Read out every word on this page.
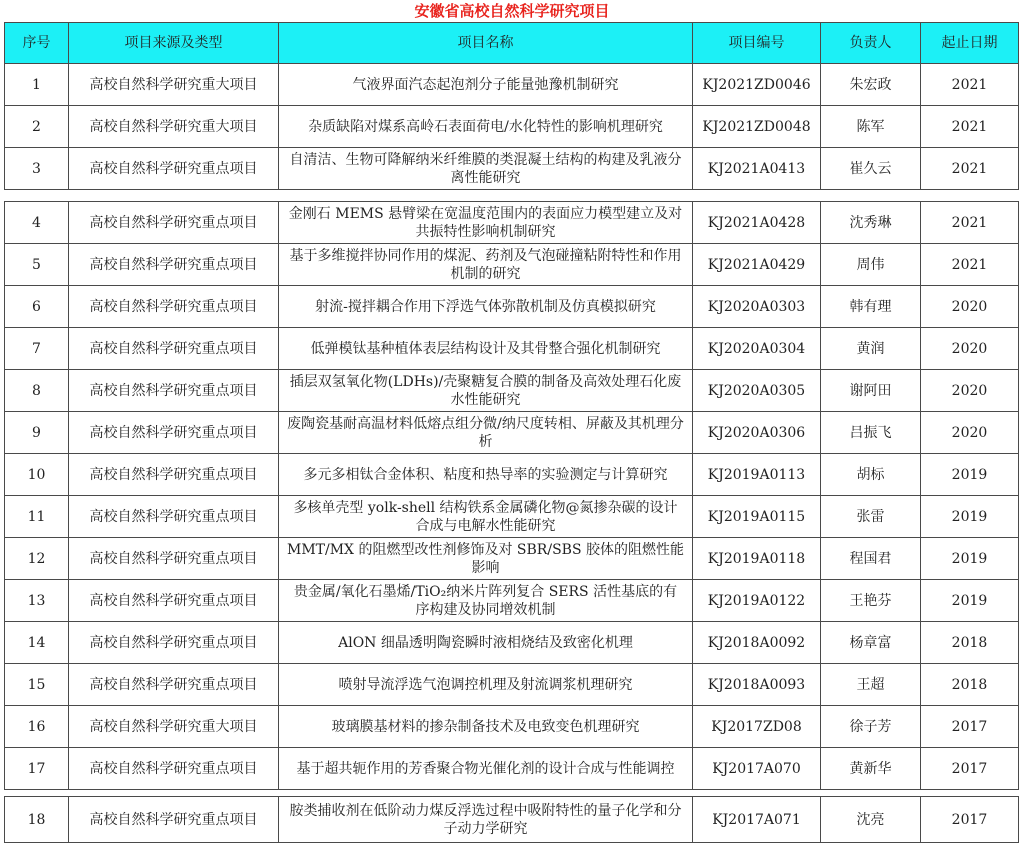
安徽省高校自然科学研究项目
序号	项目来源及类型	项目名称	项目编号	负责人	起止日期
1	高校自然科学研究重大项目	气液界面汽态起泡剂分子能量弛豫机制研究	KJ2021ZD0046	朱宏政	2021
2	高校自然科学研究重大项目	杂质缺陷对煤系高岭石表面荷电/水化特性的影响机理研究	KJ2021ZD0048	陈军	2021
3	高校自然科学研究重点项目	自清洁、生物可降解纳米纤维膜的类混凝土结构的构建及乳液分离性能研究	KJ2021A0413	崔久云	2021
4	高校自然科学研究重点项目	金刚石 MEMS 悬臂梁在宽温度范围内的表面应力模型建立及对共振特性影响机制研究	KJ2021A0428	沈秀琳	2021
5	高校自然科学研究重点项目	基于多维搅拌协同作用的煤泥、药剂及气泡碰撞粘附特性和作用机制的研究	KJ2021A0429	周伟	2021
6	高校自然科学研究重点项目	射流-搅拌耦合作用下浮选气体弥散机制及仿真模拟研究	KJ2020A0303	韩有理	2020
7	高校自然科学研究重点项目	低弹模钛基种植体表层结构设计及其骨整合强化机制研究	KJ2020A0304	黄润	2020
8	高校自然科学研究重点项目	插层双氢氧化物(LDHs)/壳聚糖复合膜的制备及高效处理石化废水性能研究	KJ2020A0305	谢阿田	2020
9	高校自然科学研究重点项目	废陶瓷基耐高温材料低熔点组分微/纳尺度转相、屏蔽及其机理分析	KJ2020A0306	吕振飞	2020
10	高校自然科学研究重点项目	多元多相钛合金体积、粘度和热导率的实验测定与计算研究	KJ2019A0113	胡标	2019
11	高校自然科学研究重点项目	多核单壳型 yolk-shell 结构铁系金属磷化物@氮掺杂碳的设计合成与电解水性能研究	KJ2019A0115	张雷	2019
12	高校自然科学研究重点项目	MMT/MX 的阻燃型改性剂修饰及对 SBR/SBS 胶体的阻燃性能影响	KJ2019A0118	程国君	2019
13	高校自然科学研究重点项目	贵金属/氧化石墨烯/TiO₂纳米片阵列复合 SERS 活性基底的有序构建及协同增效机制	KJ2019A0122	王艳芬	2019
14	高校自然科学研究重点项目	AlON 细晶透明陶瓷瞬时液相烧结及致密化机理	KJ2018A0092	杨章富	2018
15	高校自然科学研究重点项目	喷射导流浮选气泡调控机理及射流调浆机理研究	KJ2018A0093	王超	2018
16	高校自然科学研究重大项目	玻璃膜基材料的掺杂制备技术及电致变色机理研究	KJ2017ZD08	徐子芳	2017
17	高校自然科学研究重点项目	基于超共轭作用的芳香聚合物光催化剂的设计合成与性能调控	KJ2017A070	黄新华	2017
18	高校自然科学研究重点项目	胺类捕收剂在低阶动力煤反浮选过程中吸附特性的量子化学和分子动力学研究	KJ2017A071	沈亮	2017
